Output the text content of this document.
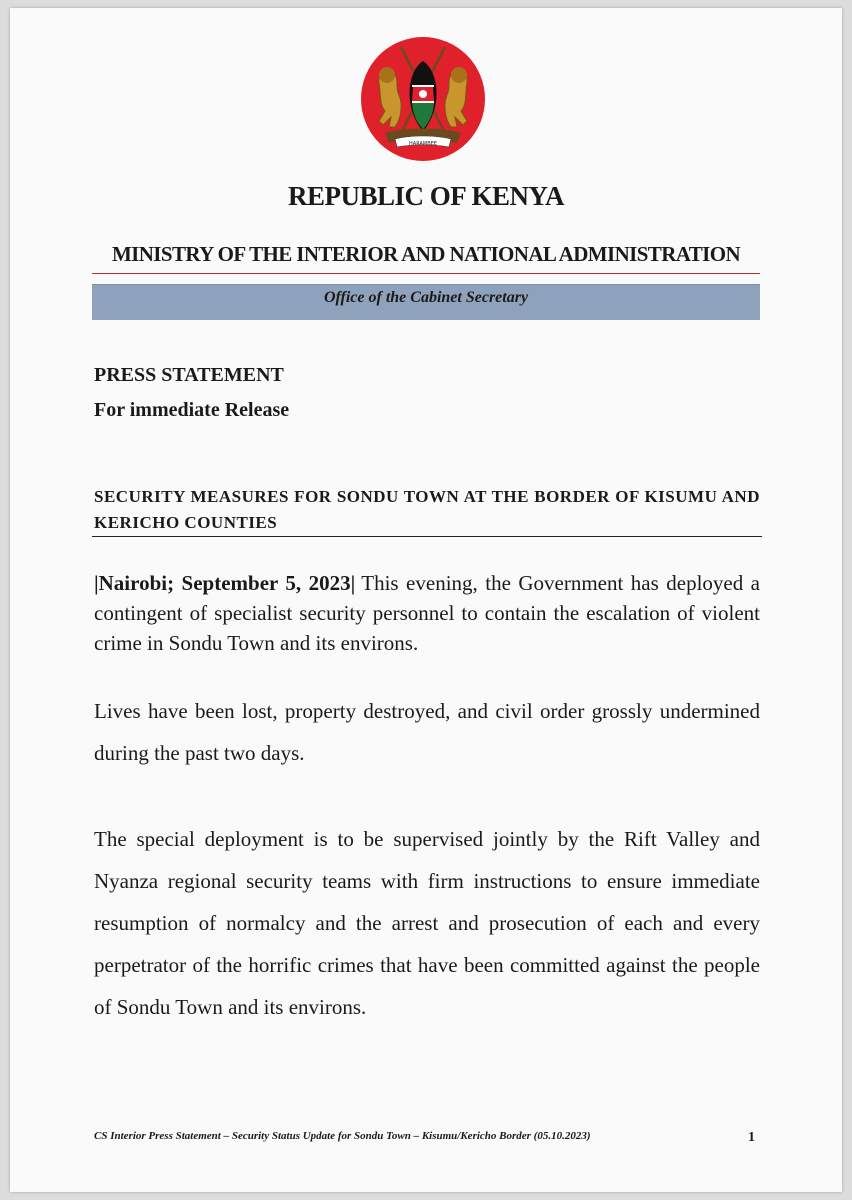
HARAMBEE
REPUBLIC OF KENYA
MINISTRY OF THE INTERIOR AND NATIONAL ADMINISTRATION
Office of the Cabinet Secretary
PRESS STATEMENT
For immediate Release
SECURITY MEASURES FOR SONDU TOWN AT THE BORDER OF KISUMU AND KERICHO COUNTIES
|Nairobi; September 5, 2023| This evening, the Government has deployed a contingent of specialist security personnel to contain the escalation of violent crime in Sondu Town and its environs.
Lives have been lost, property destroyed, and civil order grossly undermined during the past two days.
The special deployment is to be supervised jointly by the Rift Valley and Nyanza regional security teams with firm instructions to ensure immediate resumption of normalcy and the arrest and prosecution of each and every perpetrator of the horrific crimes that have been committed against the people of Sondu Town and its environs.
CS Interior Press Statement – Security Status Update for Sondu Town – Kisumu/Kericho Border (05.10.2023)	1
